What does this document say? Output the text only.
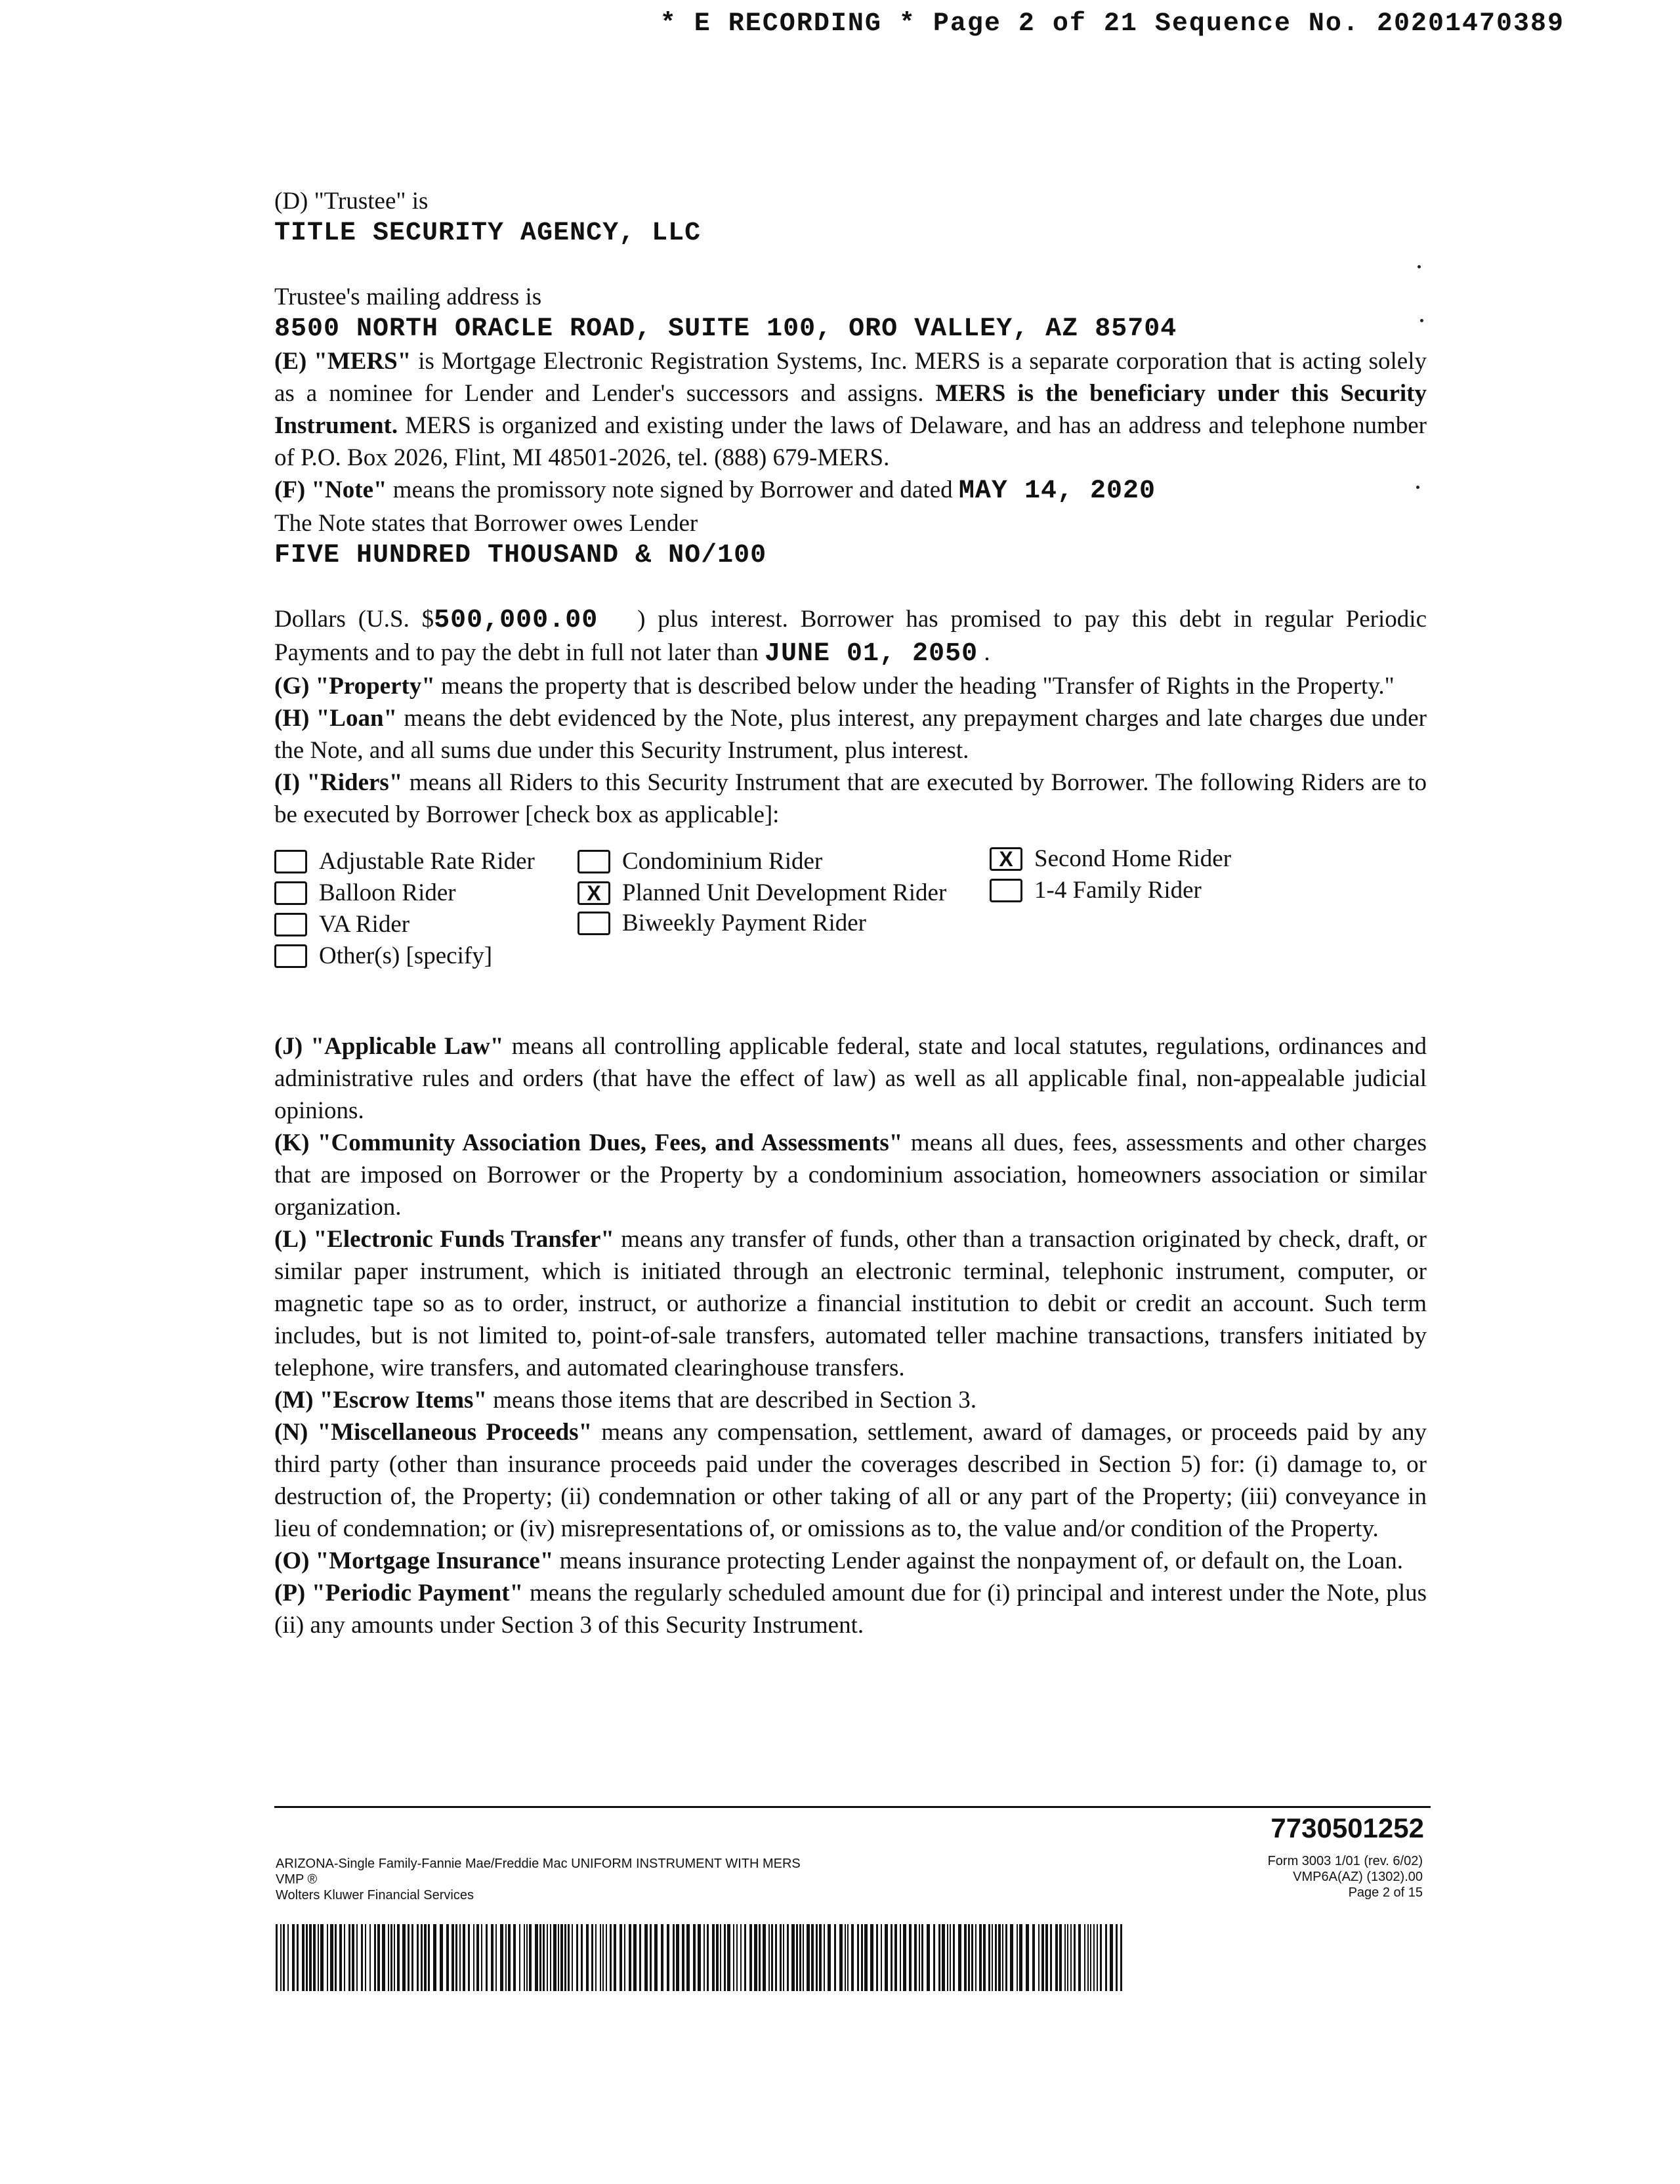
* E RECORDING * Page 2 of 21 Sequence No. 20201470389

(D) "Trustee" is

TITLE SECURITY AGENCY, LLC

Trustee's mailing address is

8500 NORTH ORACLE ROAD, SUITE 100, ORO VALLEY, AZ 85704

(E) "MERS" is Mortgage Electronic Registration Systems, Inc. MERS is a separate corporation that is acting solely as a nominee for Lender and Lender's successors and assigns. MERS is the beneficiary under this Security Instrument. MERS is organized and existing under the laws of Delaware, and has an address and telephone number of P.O. Box 2026, Flint, MI 48501-2026, tel. (888) 679-MERS.

(F) "Note" means the promissory note signed by Borrower and dated MAY 14, 2020

The Note states that Borrower owes Lender

FIVE HUNDRED THOUSAND & NO/100

Dollars (U.S. $500,000.00 ) plus interest. Borrower has promised to pay this debt in regular Periodic Payments and to pay the debt in full not later than JUNE 01, 2050 .

(G) "Property" means the property that is described below under the heading "Transfer of Rights in the Property."

(H) "Loan" means the debt evidenced by the Note, plus interest, any prepayment charges and late charges due under the Note, and all sums due under this Security Instrument, plus interest.

(I) "Riders" means all Riders to this Security Instrument that are executed by Borrower. The following Riders are to be executed by Borrower [check box as applicable]:

Adjustable Rate Rider	Condominium Rider	X Second Home Rider
Balloon Rider	X Planned Unit Development Rider	1-4 Family Rider
VA Rider	Biweekly Payment Rider
Other(s) [specify]

(J) "Applicable Law" means all controlling applicable federal, state and local statutes, regulations, ordinances and administrative rules and orders (that have the effect of law) as well as all applicable final, non-appealable judicial opinions.

(K) "Community Association Dues, Fees, and Assessments" means all dues, fees, assessments and other charges that are imposed on Borrower or the Property by a condominium association, homeowners association or similar organization.

(L) "Electronic Funds Transfer" means any transfer of funds, other than a transaction originated by check, draft, or similar paper instrument, which is initiated through an electronic terminal, telephonic instrument, computer, or magnetic tape so as to order, instruct, or authorize a financial institution to debit or credit an account. Such term includes, but is not limited to, point-of-sale transfers, automated teller machine transactions, transfers initiated by telephone, wire transfers, and automated clearinghouse transfers.

(M) "Escrow Items" means those items that are described in Section 3.

(N) "Miscellaneous Proceeds" means any compensation, settlement, award of damages, or proceeds paid by any third party (other than insurance proceeds paid under the coverages described in Section 5) for: (i) damage to, or destruction of, the Property; (ii) condemnation or other taking of all or any part of the Property; (iii) conveyance in lieu of condemnation; or (iv) misrepresentations of, or omissions as to, the value and/or condition of the Property.

(O) "Mortgage Insurance" means insurance protecting Lender against the nonpayment of, or default on, the Loan.

(P) "Periodic Payment" means the regularly scheduled amount due for (i) principal and interest under the Note, plus (ii) any amounts under Section 3 of this Security Instrument.

7730501252
ARIZONA-Single Family-Fannie Mae/Freddie Mac UNIFORM INSTRUMENT WITH MERS
VMP ®
Wolters Kluwer Financial Services
Form 3003 1/01 (rev. 6/02)
VMP6A(AZ) (1302).00
Page 2 of 15
